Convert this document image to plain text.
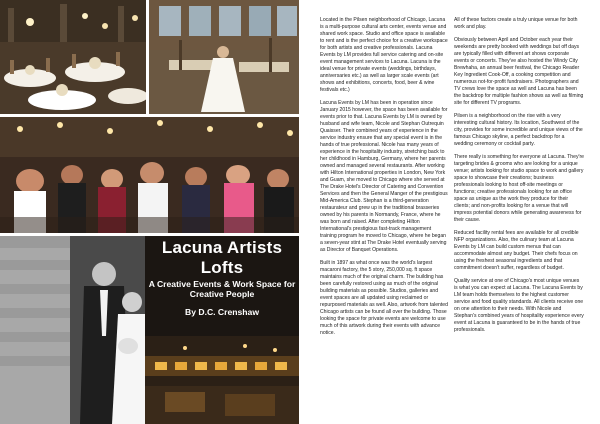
Lacuna Artists Lofts
A Creative Events & Work Space for Creative People
By D.C. Crenshaw

Located in the Pilsen neighborhood of Chicago, Lacuna is a multi-purpose cultural arts center, events venue and shared work space. Studio and office space is available to rent and is the perfect choice for a creative workspace for both artists and creative professionals. Lacuna Events by LM provides full service catering and on-site event management services to Lacuna. Lacuna is the ideal venue for private events (weddings, birthdays, anniversaries etc.) as well as larger scale events (art shows and exhibitions, concerts, food, beer & wine festivals etc.)

Lacuna Events by LM has been in operation since January 2015 however, the space has been available for events prior to that. Lacuna Events by LM is owned by husband and wife team, Nicole and Stephan Outrequin Quaisser. Their combined years of experience in the service industry ensure that any special event is in the hands of true professional. Nicole has many years of experience in the hospitality industry, stretching back to her childhood in Hamburg, Germany, where her parents owned and managed several restaurants. After working with Hilton International properties in London, New York and Guam, she moved to Chicago where she served at The Drake Hotel's Director of Catering and Convention Services and then the General Manger of the prestigious Mid-America Club. Stephan is a third-generation restaurateur and grew up in the traditional brasseries owned by his parents in Normandy, France, where he was born and raised. After completing Hilton International's prestigious fast-track management training program he moved to Chicago, where he began a seven-year stint at The Drake Hotel eventually serving as Director of Banquet Operations.

Built in 1897 as what once was the world's largest macaroni factory, the 5 story, 250,000 sq. ft space maintains much of the original charm. The building has been carefully restored using as much of the original building materials as possible. Studios, galleries and event spaces are all updated using reclaimed or repurposed materials as well. Also, artwork from talented Chicago artists can be found all over the building. Those looking the space for private events are welcome to use much of this artwork during their events with advance notice.

All of these factors create a truly unique venue for both work and play.

Obviously between April and October each year their weekends are pretty booked with weddings but off days are typically filled with different art shows corporate events or concerts. They've also hosted the Windy City Brewhaha, an annual beer festival, the Chicago Reader Key Ingredient Cook-Off, a cooking competition and numerous not-for-profit fundraisers. Photographers and TV crews love the space as well and Lacuna has been the backdrop for multiple fashion shows as well as filming site for different TV programs.

Pilsen is a neighborhood on the rise with a very interesting cultural history. Its location, Southwest of the city, provides for some incredible and unique views of the famous Chicago skyline, a perfect backdrop for a wedding ceremony or cocktail party.

There really is something for everyone at Lacuna. They're targeting brides & grooms who are looking for a unique venue; artists looking for studio space to work and gallery space to showcase their creations; business professionals looking to host off-site meetings or functions; creative professionals looking for an office space as unique as the work they produce for their clients; and non-profits looking for a venue that will impress potential donors while generating awareness for their cause.

Reduced facility rental fees are available for all credible NFP organizations. Also, the culinary team at Lacuna Events by LM can build custom menus that can accommodate almost any budget. Their chefs focus on using the freshest seasonal ingredients and that commitment doesn't suffer, regardless of budget.

Quality service at one of Chicago's most unique venues is what you can expect at Lacuna. The Lacuna Events by LM team holds themselves to the highest customer service and food quality standards. All clients receive one on one attention to their needs. With Nicole and Stephan's combined years of hospitality experience every event at Lacuna is guaranteed to be in the hands of true professionals.
